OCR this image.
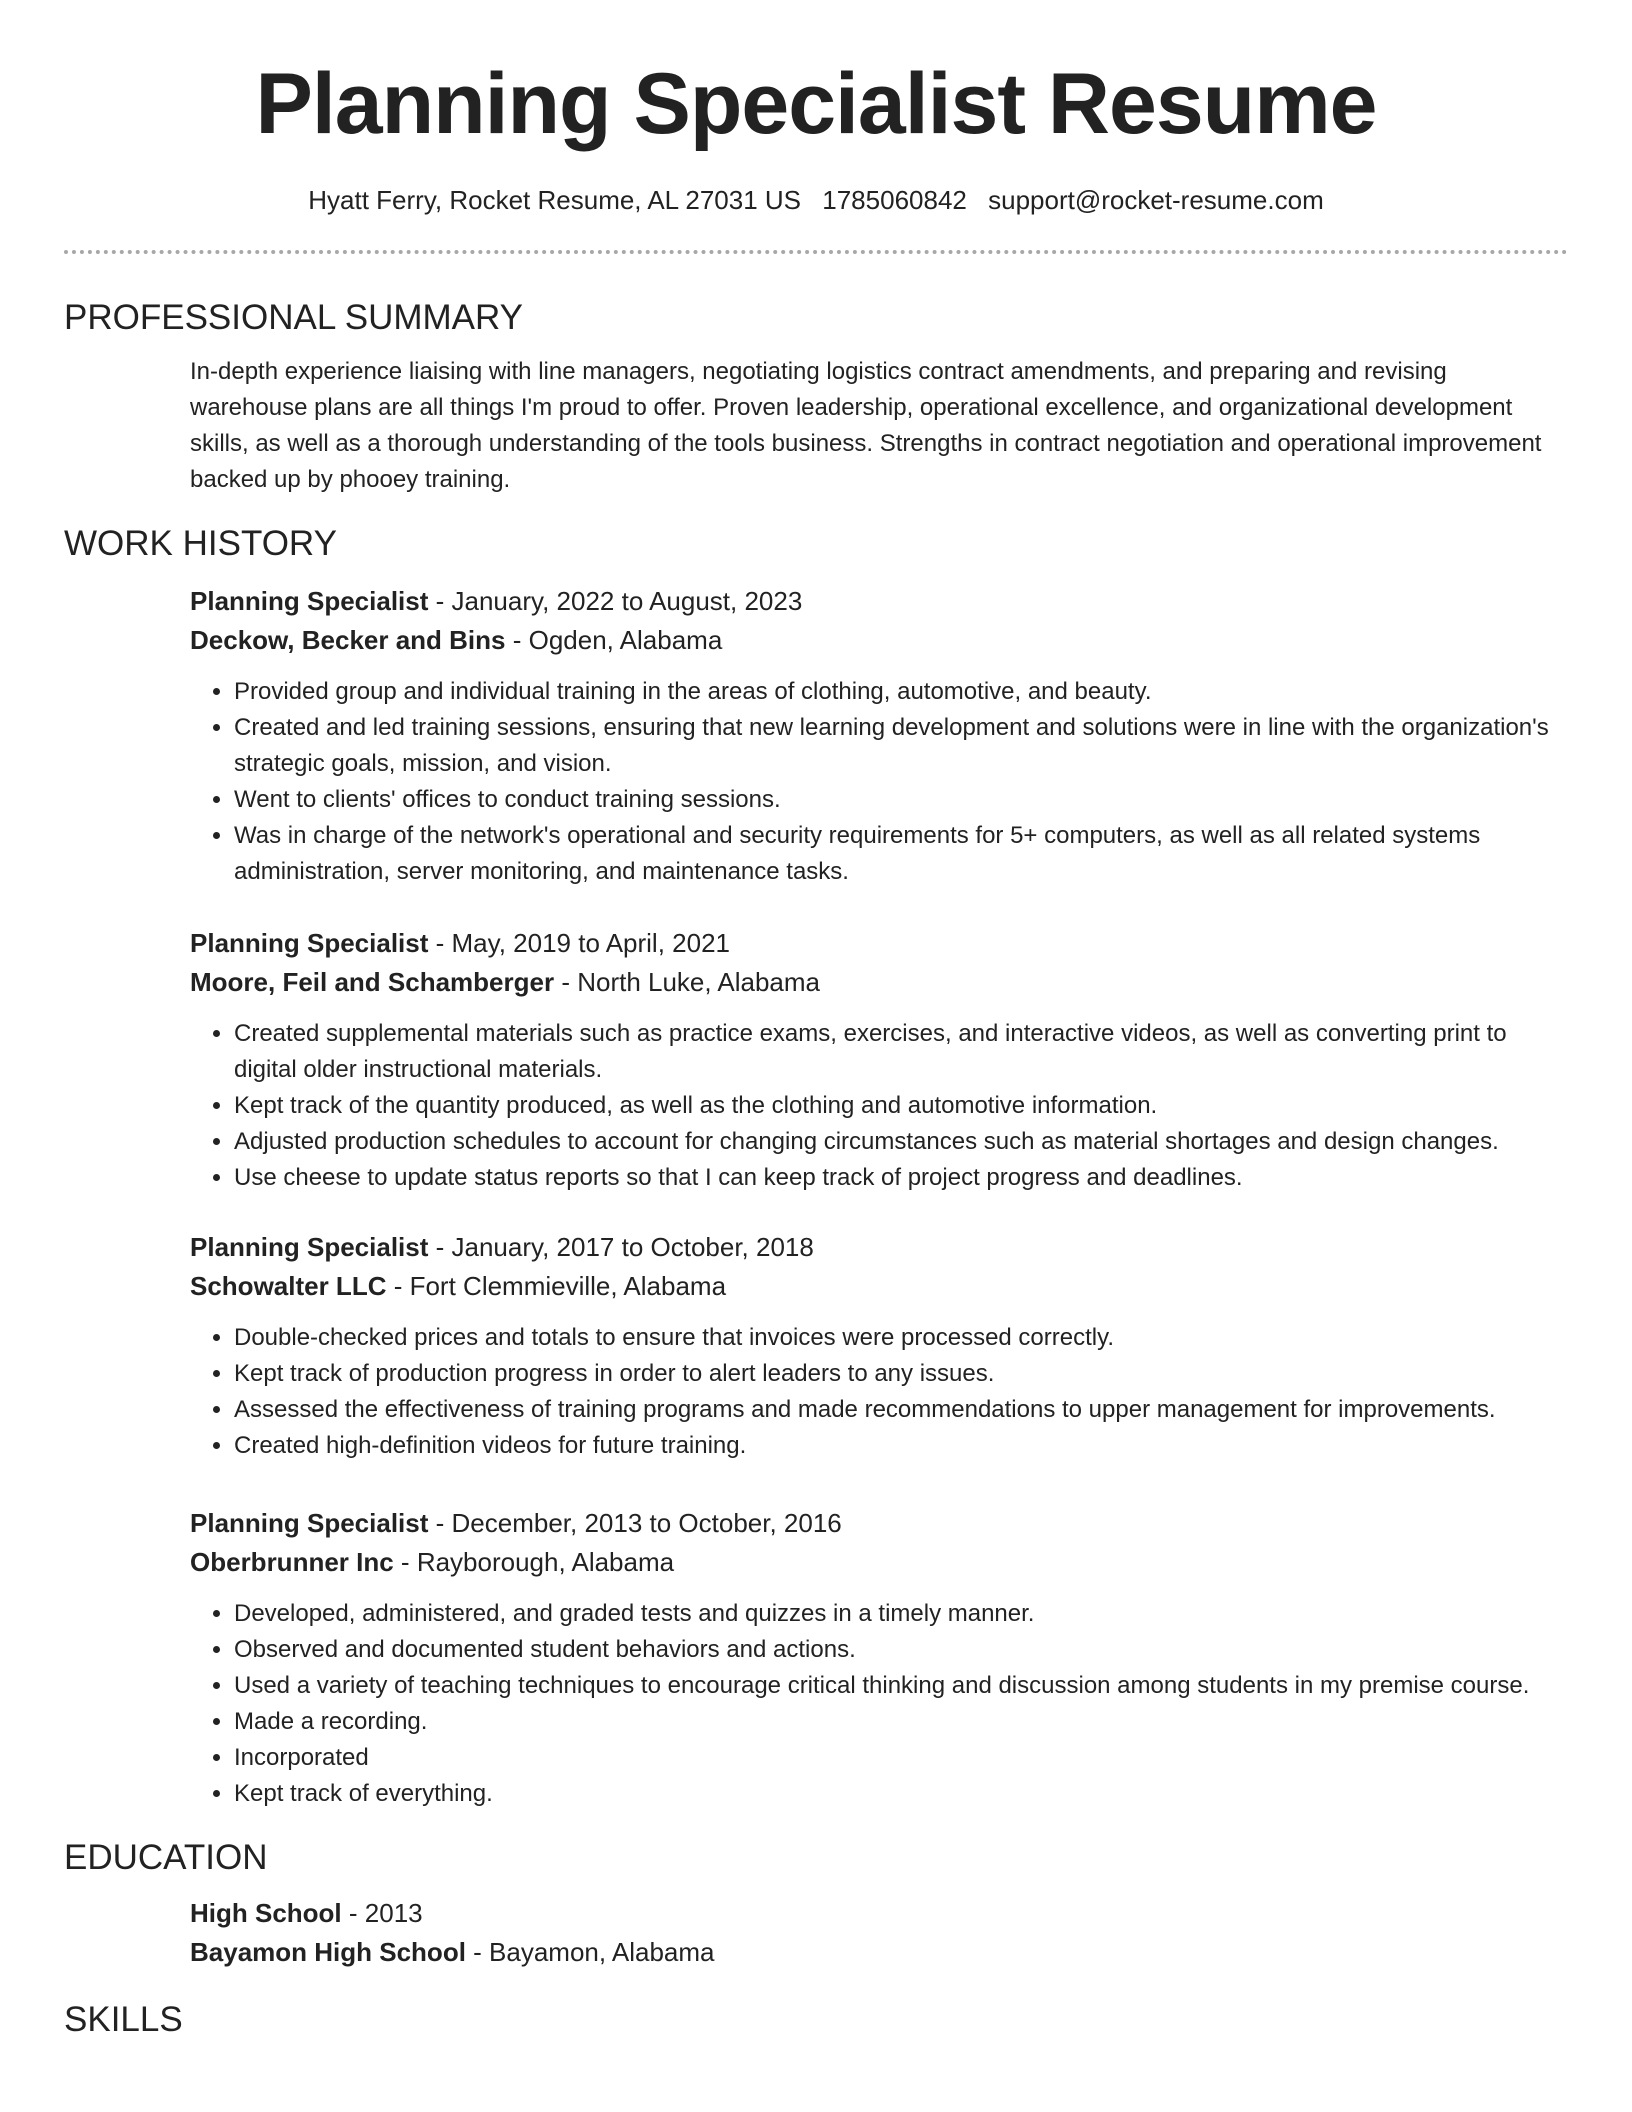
Planning Specialist Resume
Hyatt Ferry, Rocket Resume, AL 27031 US 1785060842 support@rocket-resume.com
PROFESSIONAL SUMMARY

In-depth experience liaising with line managers, negotiating logistics contract amendments, and preparing and revising warehouse plans are all things I'm proud to offer. Proven leadership, operational excellence, and organizational development skills, as well as a thorough understanding of the tools business. Strengths in contract negotiation and operational improvement backed up by phooey training.

WORK HISTORY
Planning Specialist - January, 2022 to August, 2023
Deckow, Becker and Bins - Ogden, Alabama
• Provided group and individual training in the areas of clothing, automotive, and beauty.
• Created and led training sessions, ensuring that new learning development and solutions were in line with the organization's strategic goals, mission, and vision.
• Went to clients' offices to conduct training sessions.
• Was in charge of the network's operational and security requirements for 5+ computers, as well as all related systems administration, server monitoring, and maintenance tasks.
Planning Specialist - May, 2019 to April, 2021
Moore, Feil and Schamberger - North Luke, Alabama
• Created supplemental materials such as practice exams, exercises, and interactive videos, as well as converting print to digital older instructional materials.
• Kept track of the quantity produced, as well as the clothing and automotive information.
• Adjusted production schedules to account for changing circumstances such as material shortages and design changes.
• Use cheese to update status reports so that I can keep track of project progress and deadlines.
Planning Specialist - January, 2017 to October, 2018
Schowalter LLC - Fort Clemmieville, Alabama
• Double-checked prices and totals to ensure that invoices were processed correctly.
• Kept track of production progress in order to alert leaders to any issues.
• Assessed the effectiveness of training programs and made recommendations to upper management for improvements.
• Created high-definition videos for future training.
Planning Specialist - December, 2013 to October, 2016
Oberbrunner Inc - Rayborough, Alabama
• Developed, administered, and graded tests and quizzes in a timely manner.
• Observed and documented student behaviors and actions.
• Used a variety of teaching techniques to encourage critical thinking and discussion among students in my premise course.
• Made a recording.
• Incorporated
• Kept track of everything.
EDUCATION
High School - 2013
Bayamon High School - Bayamon, Alabama
SKILLS
